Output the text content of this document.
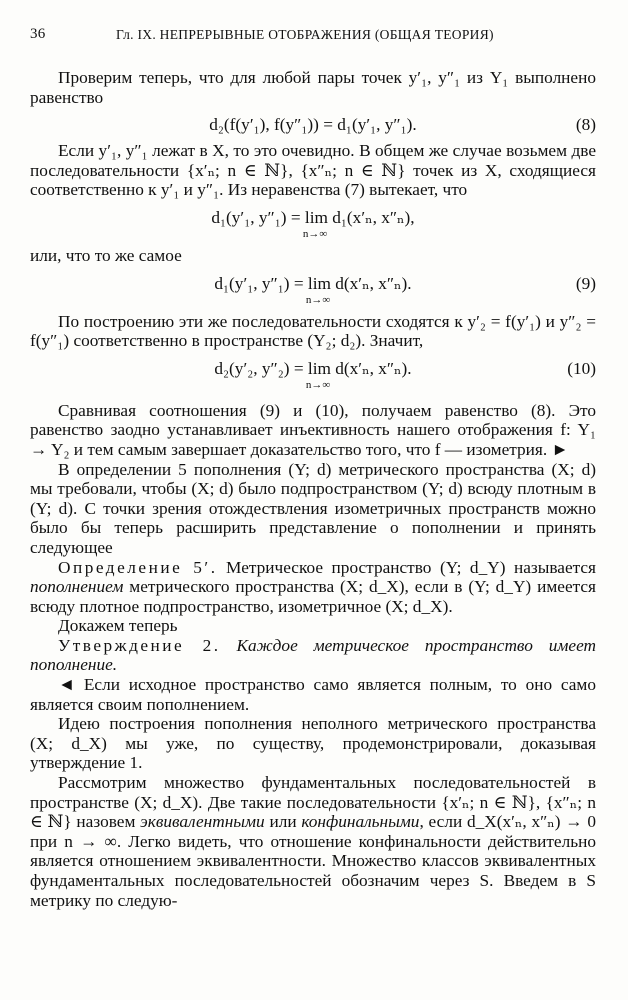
36	Гл. IX. НЕПРЕРЫВНЫЕ ОТОБРАЖЕНИЯ (ОБЩАЯ ТЕОРИЯ)

Проверим теперь, что для любой пары точек y′₁, y″₁ из Y₁ выполнено равенство

d₂(f(y′₁), f(y″₁)) = d₁(y′₁, y″₁).	(8)

Если y′₁, y″₁ лежат в X, то это очевидно. В общем же случае возьмем две последовательности {x′ₙ; n ∈ ℕ}, {x″ₙ; n ∈ ℕ} точек из X, сходящиеся соответственно к y′₁ и y″₁. Из неравенства (7) вытекает, что

d₁(y′₁, y″₁) = lim
n→∞
d₁(x′ₙ, x″ₙ),

или, что то же самое

d₁(y′₁, y″₁) = lim
n→∞
d(x′ₙ, x″ₙ).	(9)

По построению эти же последовательности сходятся к y′₂ = f(y′₁) и y″₂ = f(y″₁) соответственно в пространстве (Y₂; d₂). Значит,

d₂(y′₂, y″₂) = lim
n→∞
d(x′ₙ, x″ₙ).	(10)

Сравнивая соотношения (9) и (10), получаем равенство (8). Это равенство заодно устанавливает инъективность нашего отображения f: Y₁ → Y₂ и тем самым завершает доказательство того, что f — изометрия. ►

В определении 5 пополнения (Y; d) метрического пространства (X; d) мы требовали, чтобы (X; d) было подпространством (Y; d) всюду плотным в (Y; d). С точки зрения отождествления изометричных пространств можно было бы теперь расширить представление о пополнении и принять следующее

Определение 5′. Метрическое пространство (Y; d_Y) называется пополнением метрического пространства (X; d_X), если в (Y; d_Y) имеется всюду плотное подпространство, изометричное (X; d_X).

Докажем теперь

Утверждение 2. Каждое метрическое пространство имеет пополнение.

◄ Если исходное пространство само является полным, то оно само является своим пополнением.

Идею построения пополнения неполного метрического пространства (X; d_X) мы уже, по существу, продемонстрировали, доказывая утверждение 1.

Рассмотрим множество фундаментальных последовательностей в пространстве (X; d_X). Две такие последовательности {x′ₙ; n ∈ ℕ}, {x″ₙ; n ∈ ℕ} назовем эквивалентными или конфинальными, если d_X(x′ₙ, x″ₙ) → 0 при n → ∞. Легко видеть, что отношение конфинальности действительно является отношением эквивалентности. Множество классов эквивалентных фундаментальных последовательностей обозначим через S. Введем в S метрику по следую-
